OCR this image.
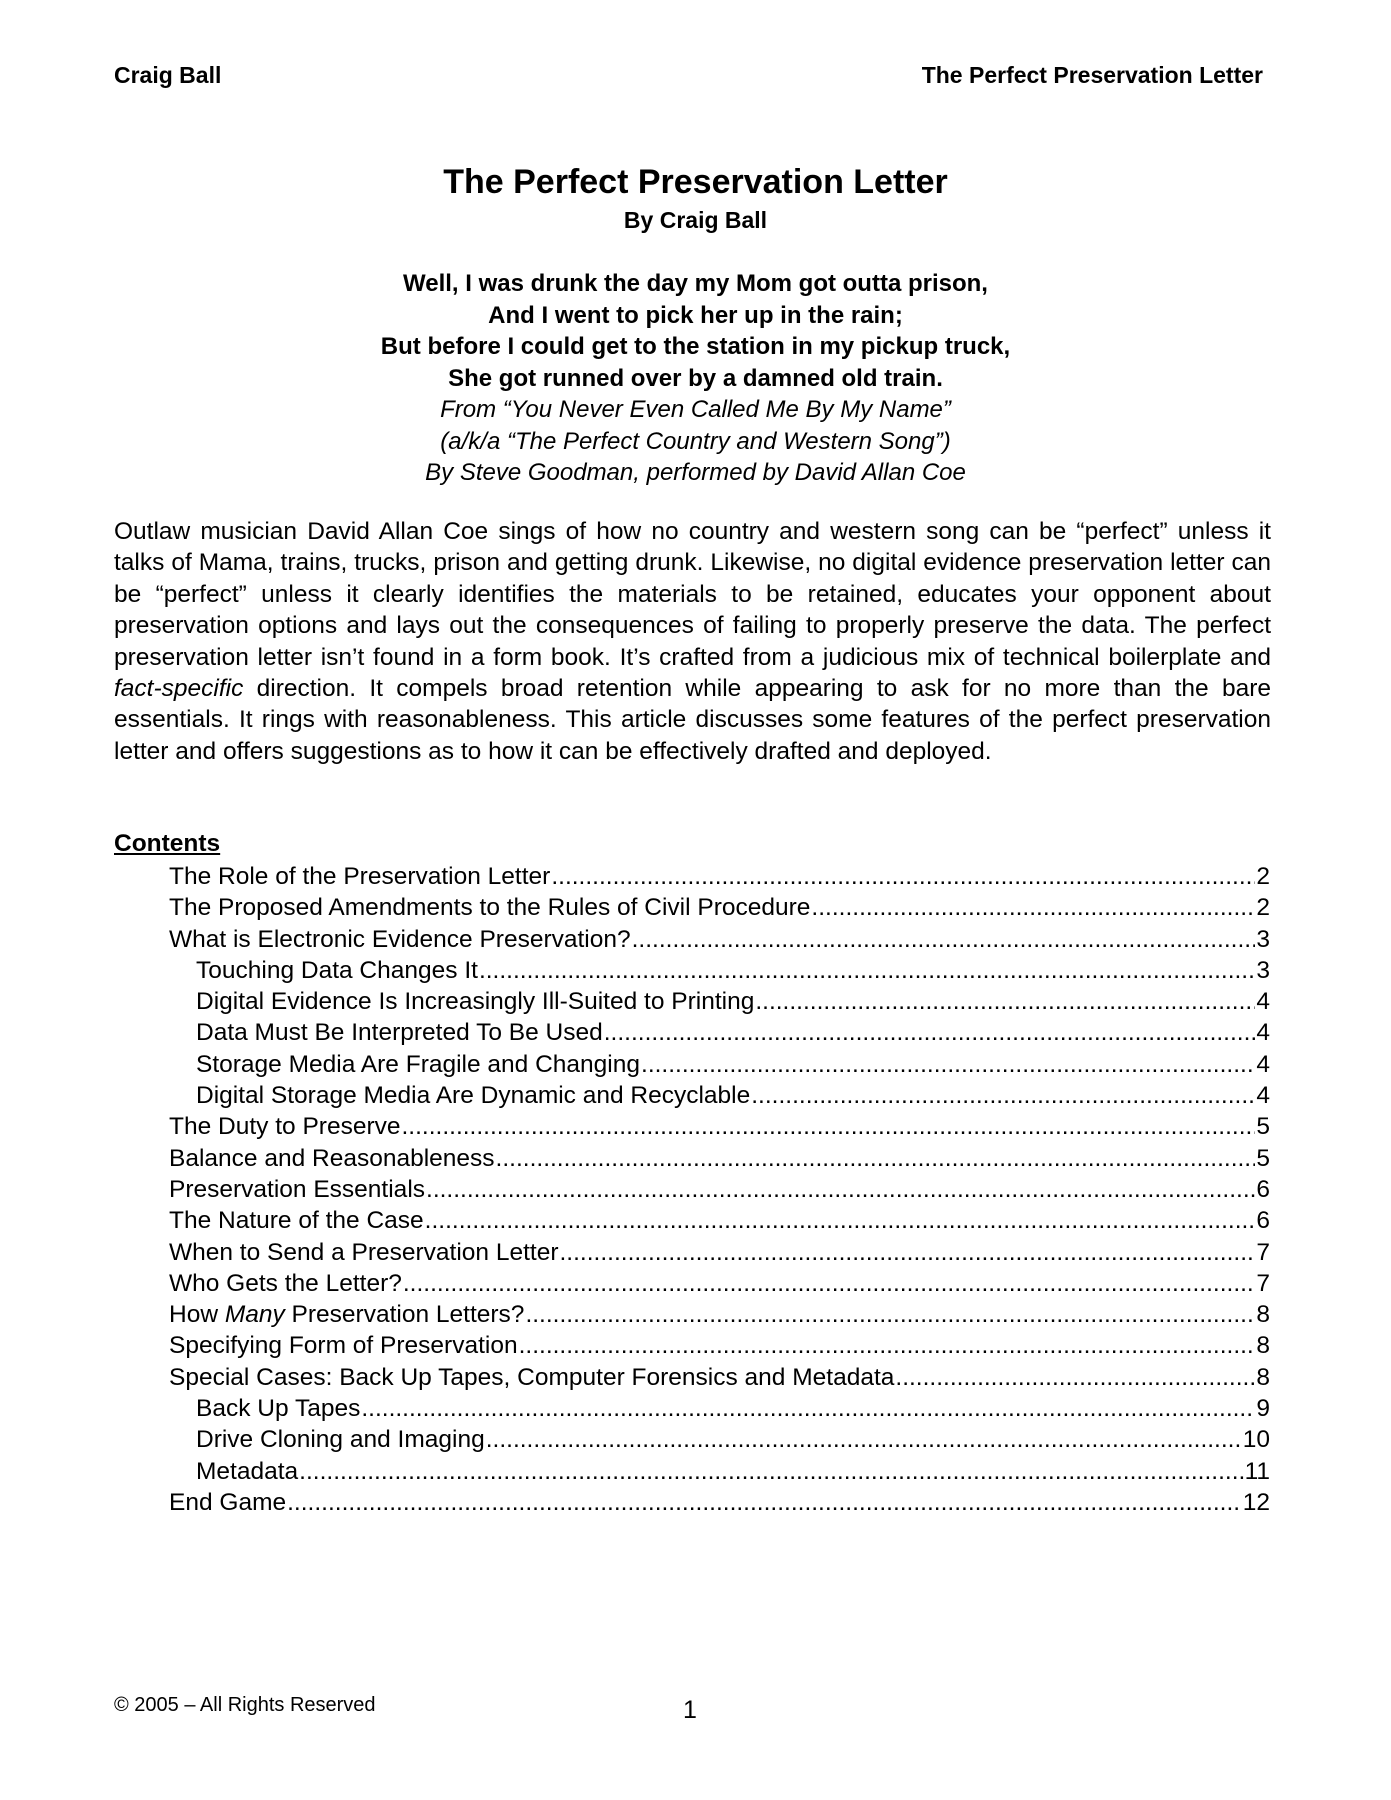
Craig Ball	The Perfect Preservation Letter
The Perfect Preservation Letter
By Craig Ball
Well, I was drunk the day my Mom got outta prison,
And I went to pick her up in the rain;
But before I could get to the station in my pickup truck,
She got runned over by a damned old train.
From “You Never Even Called Me By My Name”
(a/k/a “The Perfect Country and Western Song”)
By Steve Goodman, performed by David Allan Coe
Outlaw musician David Allan Coe sings of how no country and western song can be “perfect” unless it talks of Mama, trains, trucks, prison and getting drunk. Likewise, no digital evidence preservation letter can be “perfect” unless it clearly identifies the materials to be retained, educates your opponent about preservation options and lays out the consequences of failing to properly preserve the data. The perfect preservation letter isn’t found in a form book. It’s crafted from a judicious mix of technical boilerplate and fact-specific direction. It compels broad retention while appearing to ask for no more than the bare essentials. It rings with reasonableness. This article discusses some features of the perfect preservation letter and offers suggestions as to how it can be effectively drafted and deployed.
Contents
The Role of the Preservation Letter .....	2
The Proposed Amendments to the Rules of Civil Procedure .....	2
What is Electronic Evidence Preservation? .....	3
Touching Data Changes It .....	3
Digital Evidence Is Increasingly Ill-Suited to Printing .....	4
Data Must Be Interpreted To Be Used .....	4
Storage Media Are Fragile and Changing .....	4
Digital Storage Media Are Dynamic and Recyclable .....	4
The Duty to Preserve .....	5
Balance and Reasonableness .....	5
Preservation Essentials .....	6
The Nature of the Case .....	6
When to Send a Preservation Letter .....	7
Who Gets the Letter? .....	7
How Many Preservation Letters? .....	8
Specifying Form of Preservation .....	8
Special Cases: Back Up Tapes, Computer Forensics and Metadata .....	8
Back Up Tapes .....	9
Drive Cloning and Imaging .....	10
Metadata .....	11
End Game .....	12
© 2005 – All Rights Reserved	1
